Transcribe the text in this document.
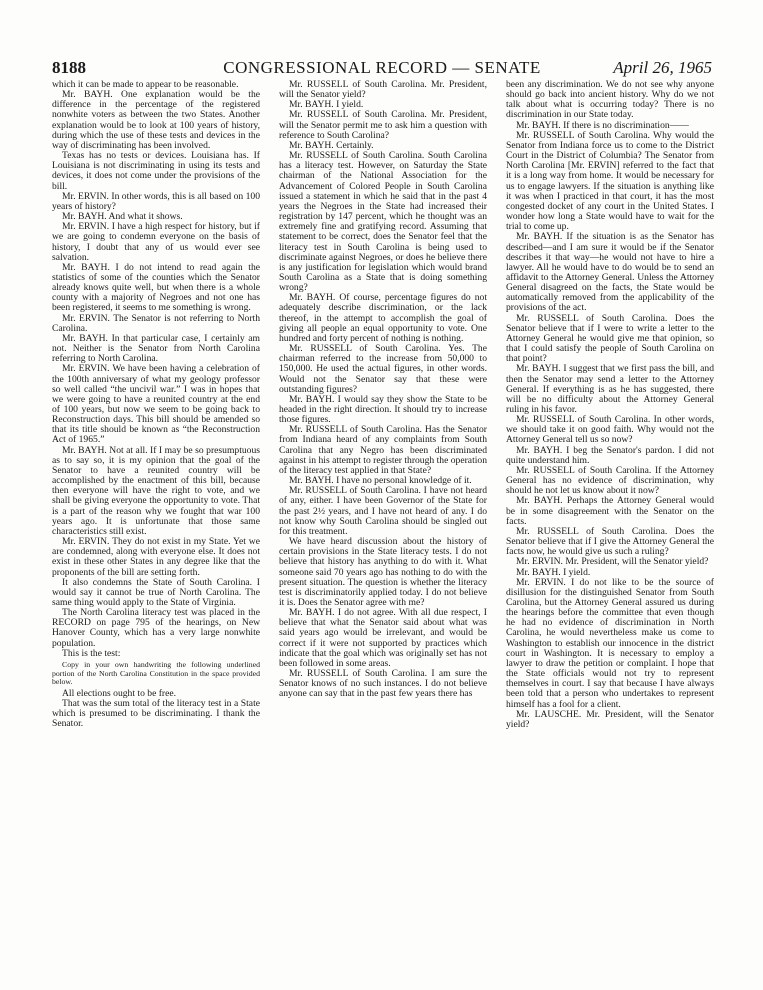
8188	CONGRESSIONAL RECORD — SENATE	April 26, 1965

which it can be made to appear to be reasonable.

Mr. BAYH. One explanation would be the difference in the percentage of the registered nonwhite voters as between the two States. Another explanation would be to look at 100 years of history, during which the use of these tests and devices in the way of discriminating has been involved.

Texas has no tests or devices. Louisiana has. If Louisiana is not discriminating in using its tests and devices, it does not come under the provisions of the bill.

Mr. ERVIN. In other words, this is all based on 100 years of history?

Mr. BAYH. And what it shows.

Mr. ERVIN. I have a high respect for history, but if we are going to condemn everyone on the basis of history, I doubt that any of us would ever see salvation.

Mr. BAYH. I do not intend to read again the statistics of some of the counties which the Senator already knows quite well, but when there is a whole county with a majority of Negroes and not one has been registered, it seems to me something is wrong.

Mr. ERVIN. The Senator is not referring to North Carolina.

Mr. BAYH. In that particular case, I certainly am not. Neither is the Senator from North Carolina referring to North Carolina.

Mr. ERVIN. We have been having a celebration of the 100th anniversary of what my geology professor so well called “the uncivil war.” I was in hopes that we were going to have a reunited country at the end of 100 years, but now we seem to be going back to Reconstruction days. This bill should be amended so that its title should be known as “the Reconstruction Act of 1965.”

Mr. BAYH. Not at all. If I may be so presumptuous as to say so, it is my opinion that the goal of the Senator to have a reunited country will be accomplished by the enactment of this bill, because then everyone will have the right to vote, and we shall be giving everyone the opportunity to vote. That is a part of the reason why we fought that war 100 years ago. It is unfortunate that those same characteristics still exist.

Mr. ERVIN. They do not exist in my State. Yet we are condemned, along with everyone else. It does not exist in these other States in any degree like that the proponents of the bill are setting forth.

It also condemns the State of South Carolina. I would say it cannot be true of North Carolina. The same thing would apply to the State of Virginia.

The North Carolina literacy test was placed in the RECORD on page 795 of the hearings, on New Hanover County, which has a very large nonwhite population.

This is the test:

Copy in your own handwriting the following underlined portion of the North Carolina Constitution in the space provided below.

All elections ought to be free.

That was the sum total of the literacy test in a State which is presumed to be discriminating. I thank the Senator.

Mr. RUSSELL of South Carolina. Mr. President, will the Senator yield?

Mr. BAYH. I yield.

Mr. RUSSELL of South Carolina. Mr. President, will the Senator permit me to ask him a question with reference to South Carolina?

Mr. BAYH. Certainly.

Mr. RUSSELL of South Carolina. South Carolina has a literacy test. However, on Saturday the State chairman of the National Association for the Advancement of Colored People in South Carolina issued a statement in which he said that in the past 4 years the Negroes in the State had increased their registration by 147 percent, which he thought was an extremely fine and gratifying record. Assuming that statement to be correct, does the Senator feel that the literacy test in South Carolina is being used to discriminate against Negroes, or does he believe there is any justification for legislation which would brand South Carolina as a State that is doing something wrong?

Mr. BAYH. Of course, percentage figures do not adequately describe discrimination, or the lack thereof, in the attempt to accomplish the goal of giving all people an equal opportunity to vote. One hundred and forty percent of nothing is nothing.

Mr. RUSSELL of South Carolina. Yes. The chairman referred to the increase from 50,000 to 150,000. He used the actual figures, in other words. Would not the Senator say that these were outstanding figures?

Mr. BAYH. I would say they show the State to be headed in the right direction. It should try to increase those figures.

Mr. RUSSELL of South Carolina. Has the Senator from Indiana heard of any complaints from South Carolina that any Negro has been discriminated against in his attempt to register through the operation of the literacy test applied in that State?

Mr. BAYH. I have no personal knowledge of it.

Mr. RUSSELL of South Carolina. I have not heard of any, either. I have been Governor of the State for the past 2½ years, and I have not heard of any. I do not know why South Carolina should be singled out for this treatment.

We have heard discussion about the history of certain provisions in the State literacy tests. I do not believe that history has anything to do with it. What someone said 70 years ago has nothing to do with the present situation. The question is whether the literacy test is discriminatorily applied today. I do not believe it is. Does the Senator agree with me?

Mr. BAYH. I do not agree. With all due respect, I believe that what the Senator said about what was said years ago would be irrelevant, and would be correct if it were not supported by practices which indicate that the goal which was originally set has not been followed in some areas.

Mr. RUSSELL of South Carolina. I am sure the Senator knows of no such instances. I do not believe anyone can say that in the past few years there has

been any discrimination. We do not see why anyone should go back into ancient history. Why do we not talk about what is occurring today? There is no discrimination in our State today.

Mr. BAYH. If there is no discrimination——

Mr. RUSSELL of South Carolina. Why would the Senator from Indiana force us to come to the District Court in the District of Columbia? The Senator from North Carolina [Mr. ERVIN] referred to the fact that it is a long way from home. It would be necessary for us to engage lawyers. If the situation is anything like it was when I practiced in that court, it has the most congested docket of any court in the United States. I wonder how long a State would have to wait for the trial to come up.

Mr. BAYH. If the situation is as the Senator has described—and I am sure it would be if the Senator describes it that way—he would not have to hire a lawyer. All he would have to do would be to send an affidavit to the Attorney General. Unless the Attorney General disagreed on the facts, the State would be automatically removed from the applicability of the provisions of the act.

Mr. RUSSELL of South Carolina. Does the Senator believe that if I were to write a letter to the Attorney General he would give me that opinion, so that I could satisfy the people of South Carolina on that point?

Mr. BAYH. I suggest that we first pass the bill, and then the Senator may send a letter to the Attorney General. If everything is as he has suggested, there will be no difficulty about the Attorney General ruling in his favor.

Mr. RUSSELL of South Carolina. In other words, we should take it on good faith. Why would not the Attorney General tell us so now?

Mr. BAYH. I beg the Senator's pardon. I did not quite understand him.

Mr. RUSSELL of South Carolina. If the Attorney General has no evidence of discrimination, why should he not let us know about it now?

Mr. BAYH. Perhaps the Attorney General would be in some disagreement with the Senator on the facts.

Mr. RUSSELL of South Carolina. Does the Senator believe that if I give the Attorney General the facts now, he would give us such a ruling?

Mr. ERVIN. Mr. President, will the Senator yield?

Mr. BAYH. I yield.

Mr. ERVIN. I do not like to be the source of disillusion for the distinguished Senator from South Carolina, but the Attorney General assured us during the hearings before the committee that even though he had no evidence of discrimination in North Carolina, he would nevertheless make us come to Washington to establish our innocence in the district court in Washington. It is necessary to employ a lawyer to draw the petition or complaint. I hope that the State officials would not try to represent themselves in court. I say that because I have always been told that a person who undertakes to represent himself has a fool for a client.

Mr. LAUSCHE. Mr. President, will the Senator yield?
